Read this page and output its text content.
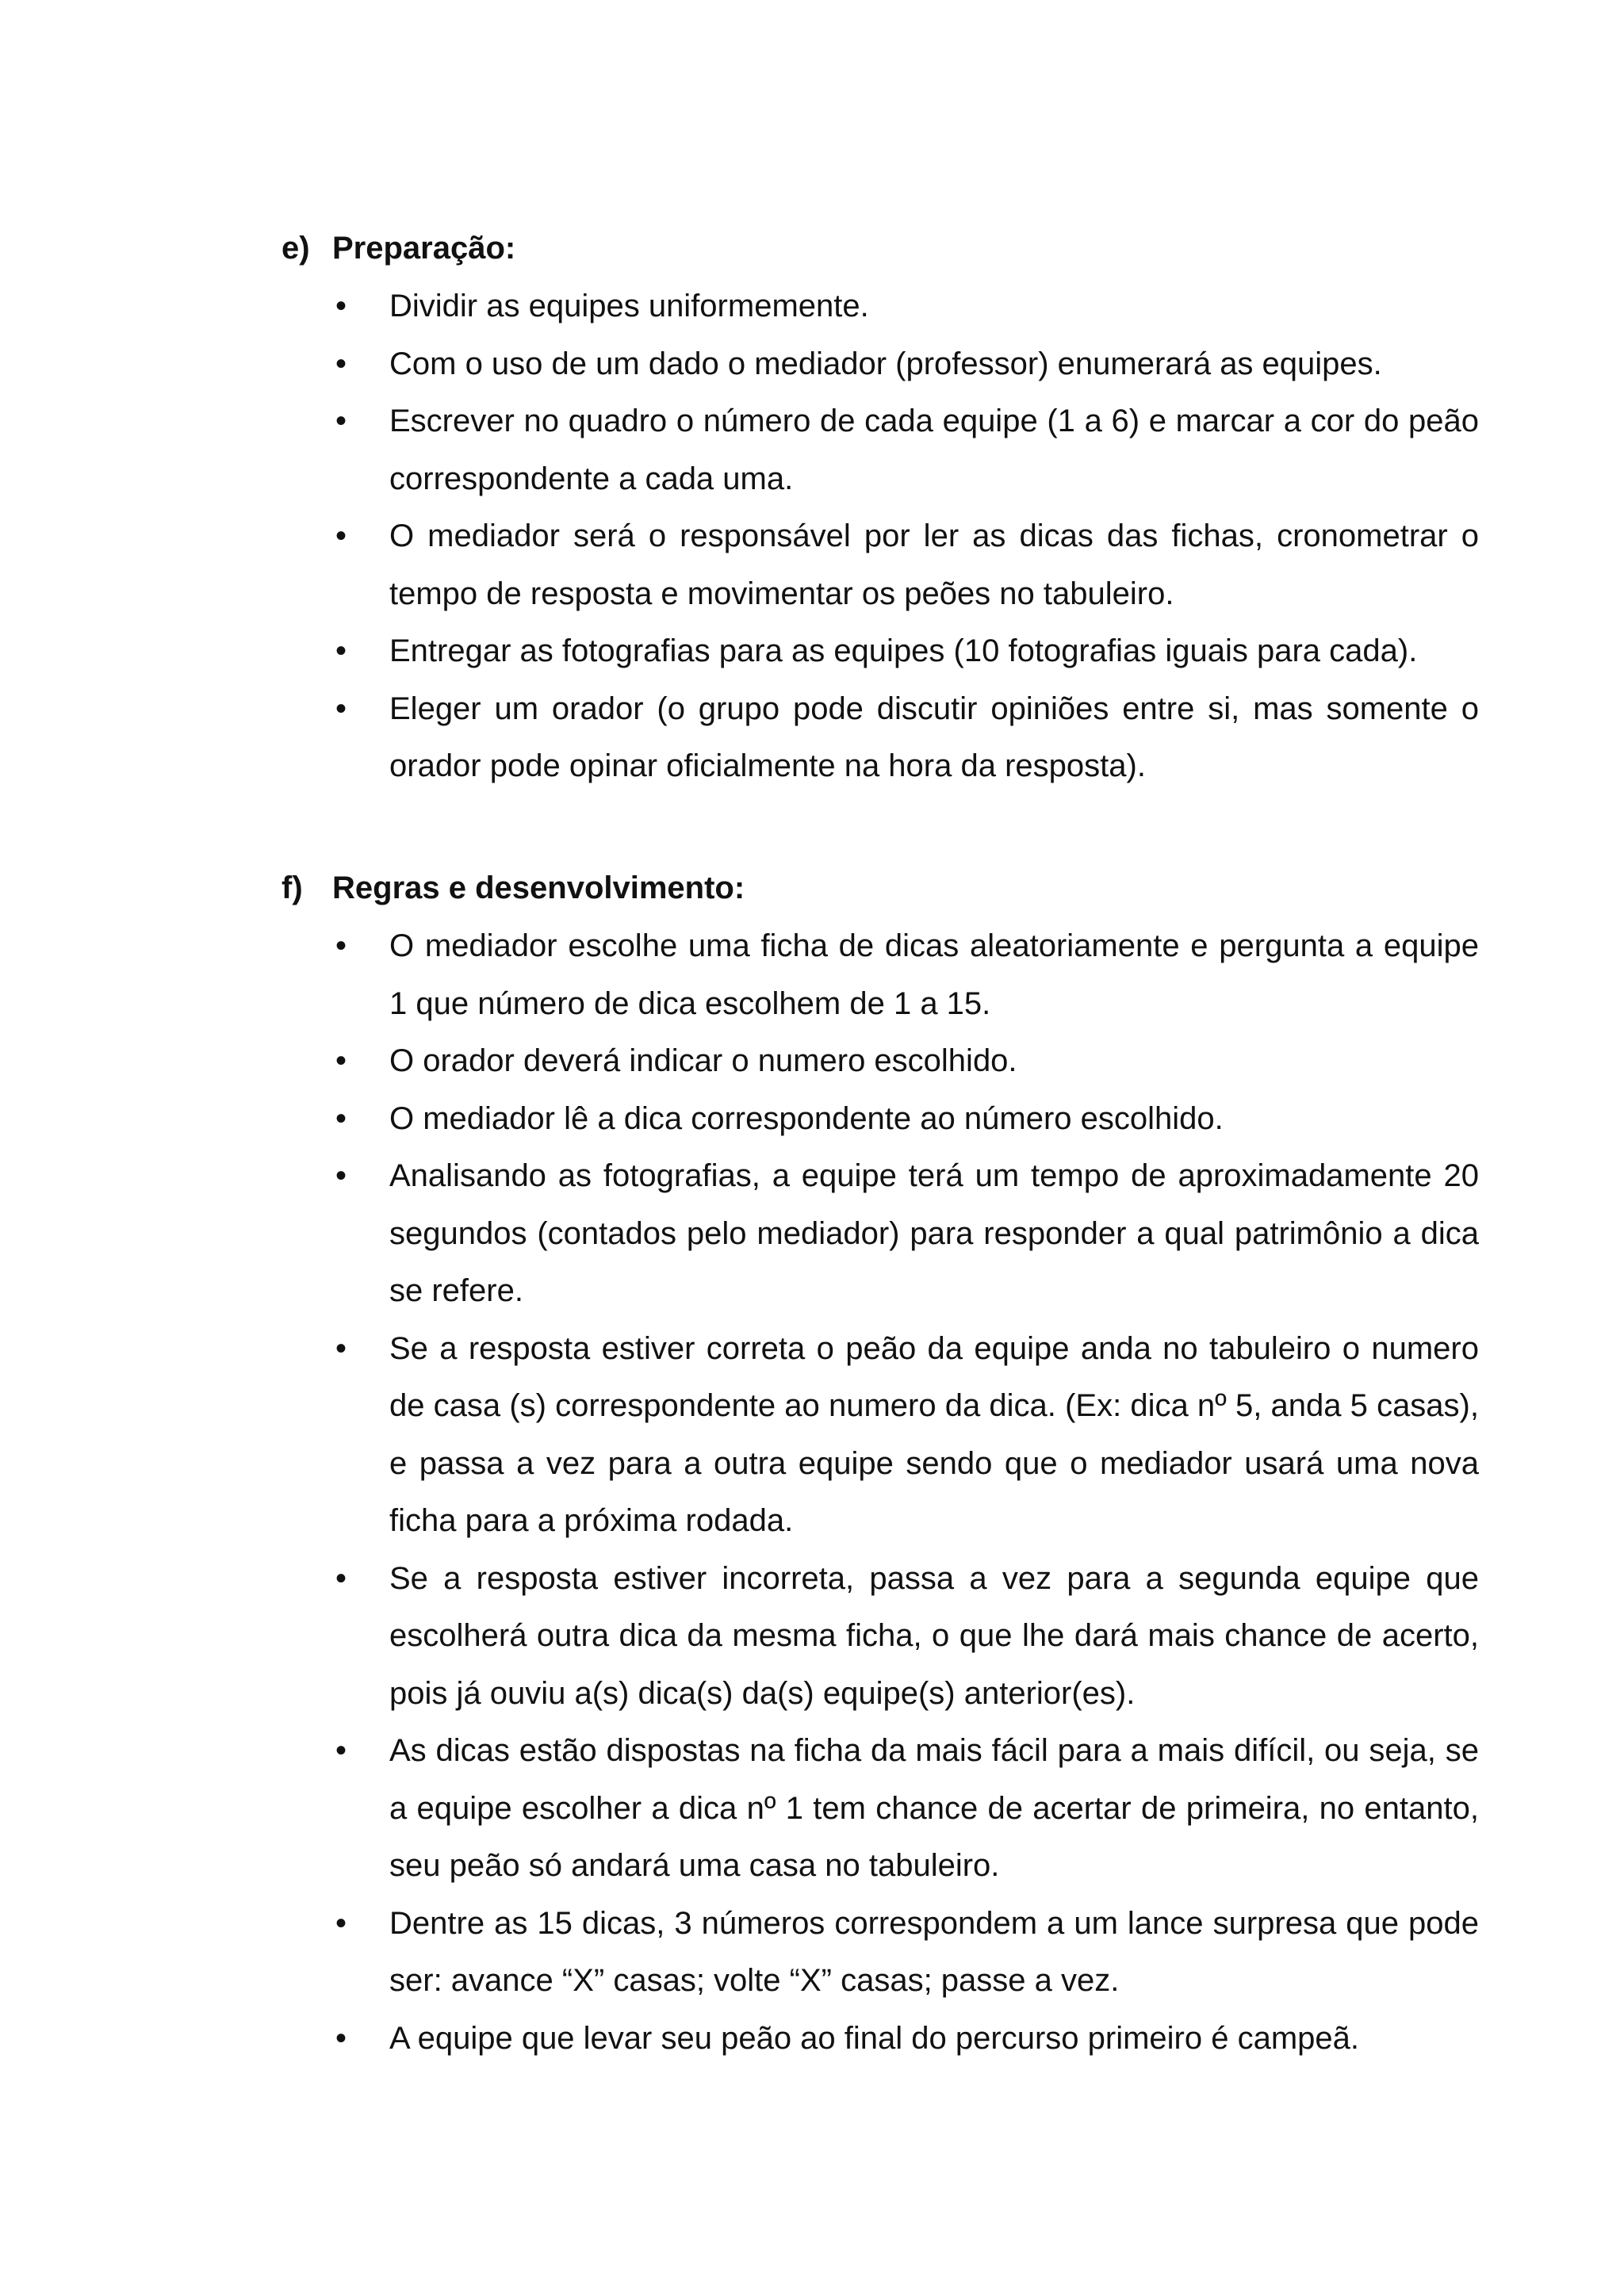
e) Preparação:
• Dividir as equipes uniformemente.
• Com o uso de um dado o mediador (professor) enumerará as equipes.
• Escrever no quadro o número de cada equipe (1 a 6) e marcar a cor do peão correspondente a cada uma.
• O mediador será o responsável por ler as dicas das fichas, cronometrar o tempo de resposta e movimentar os peões no tabuleiro.
• Entregar as fotografias para as equipes (10 fotografias iguais para cada).
• Eleger um orador (o grupo pode discutir opiniões entre si, mas somente o orador pode opinar oficialmente na hora da resposta).
f) Regras e desenvolvimento:
• O mediador escolhe uma ficha de dicas aleatoriamente e pergunta a equipe 1 que número de dica escolhem de 1 a 15.
• O orador deverá indicar o numero escolhido.
• O mediador lê a dica correspondente ao número escolhido.
• Analisando as fotografias, a equipe terá um tempo de aproximadamente 20 segundos (contados pelo mediador) para responder a qual patrimônio a dica se refere.
• Se a resposta estiver correta o peão da equipe anda no tabuleiro o numero de casa (s) correspondente ao numero da dica. (Ex: dica nº 5, anda 5 casas), e passa a vez para a outra equipe sendo que o mediador usará uma nova ficha para a próxima rodada.
• Se a resposta estiver incorreta, passa a vez para a segunda equipe que escolherá outra dica da mesma ficha, o que lhe dará mais chance de acerto, pois já ouviu a(s) dica(s) da(s) equipe(s) anterior(es).
• As dicas estão dispostas na ficha da mais fácil para a mais difícil, ou seja, se a equipe escolher a dica nº 1 tem chance de acertar de primeira, no entanto, seu peão só andará uma casa no tabuleiro.
• Dentre as 15 dicas, 3 números correspondem a um lance surpresa que pode ser: avance “X” casas; volte “X” casas; passe a vez.
• A equipe que levar seu peão ao final do percurso primeiro é campeã.
